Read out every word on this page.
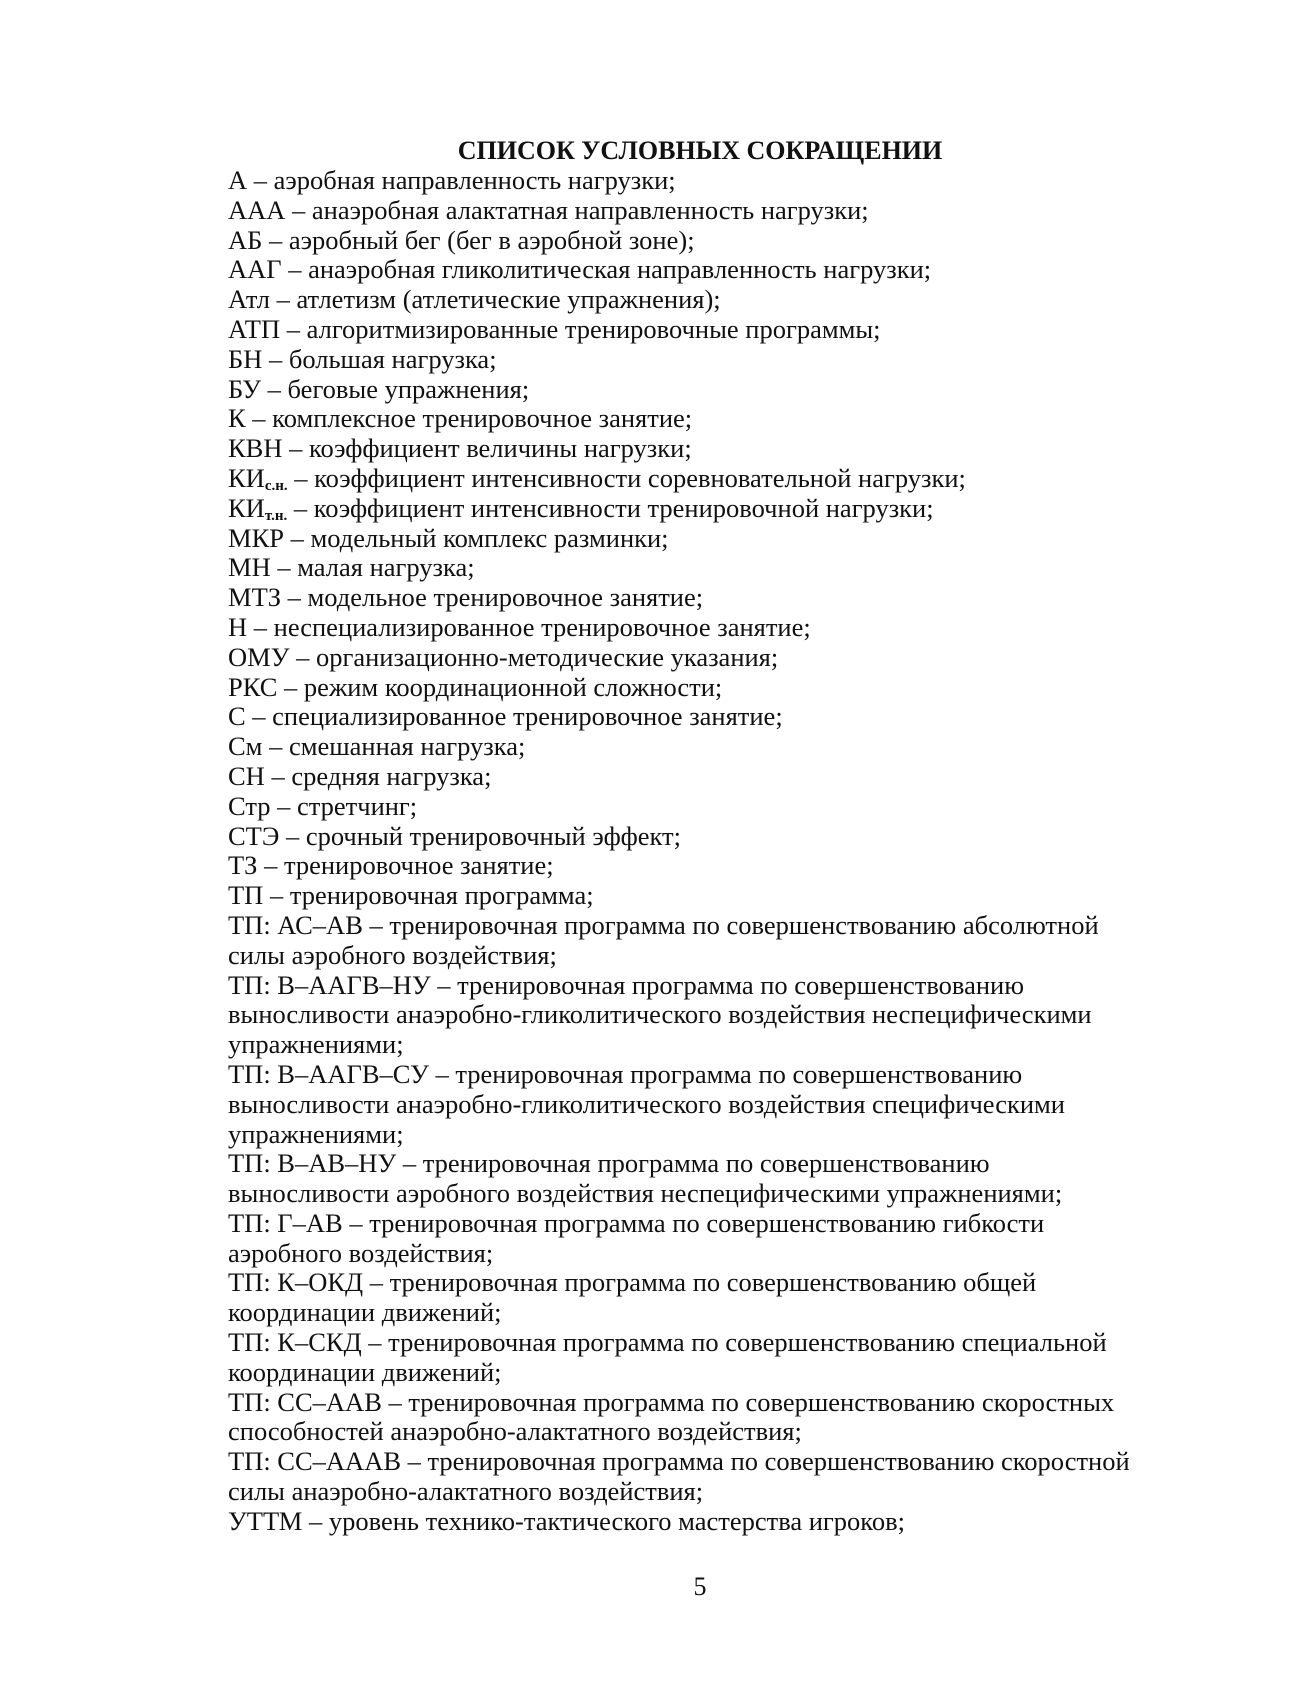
СПИСОК УСЛОВНЫХ СОКРАЩЕНИИ
А – аэробная направленность нагрузки;
ААА – анаэробная алактатная направленность нагрузки;
АБ – аэробный бег (бег в аэробной зоне);
ААГ – анаэробная гликолитическая направленность нагрузки;
Атл – атлетизм (атлетические упражнения);
АТП – алгоритмизированные тренировочные программы;
БН – большая нагрузка;
БУ – беговые упражнения;
К – комплексное тренировочное занятие;
КВН – коэффициент величины нагрузки;
$КИ_{с.н.}$ – коэффициент интенсивности соревновательной нагрузки;
$КИ_{т.н.}$ – коэффициент интенсивности тренировочной нагрузки;
МКР – модельный комплекс разминки;
МН – малая нагрузка;
МТЗ – модельное тренировочное занятие;
Н – неспециализированное тренировочное занятие;
ОМУ – организационно-методические указания;
РКС – режим координационной сложности;
С – специализированное тренировочное занятие;
См – смешанная нагрузка;
СН – средняя нагрузка;
Стр – стретчинг;
СТЭ – срочный тренировочный эффект;
ТЗ – тренировочное занятие;
ТП – тренировочная программа;
ТП: АС–АВ – тренировочная программа по совершенствованию абсолютной
силы аэробного воздействия;
ТП: В–ААГВ–НУ – тренировочная программа по совершенствованию
выносливости анаэробно-гликолитического воздействия неспецифическими
упражнениями;
ТП: В–ААГВ–СУ – тренировочная программа по совершенствованию
выносливости анаэробно-гликолитического воздействия специфическими
упражнениями;
ТП: В–АВ–НУ – тренировочная программа по совершенствованию
выносливости аэробного воздействия неспецифическими упражнениями;
ТП: Г–АВ – тренировочная программа по совершенствованию гибкости
аэробного воздействия;
ТП: К–ОКД – тренировочная программа по совершенствованию общей
координации движений;
ТП: К–СКД – тренировочная программа по совершенствованию специальной
координации движений;
ТП: СС–ААВ – тренировочная программа по совершенствованию скоростных
способностей анаэробно-алактатного воздействия;
ТП: СС–АААВ – тренировочная программа по совершенствованию скоростной
силы анаэробно-алактатного воздействия;
УТТМ – уровень технико-тактического мастерства игроков;
5
